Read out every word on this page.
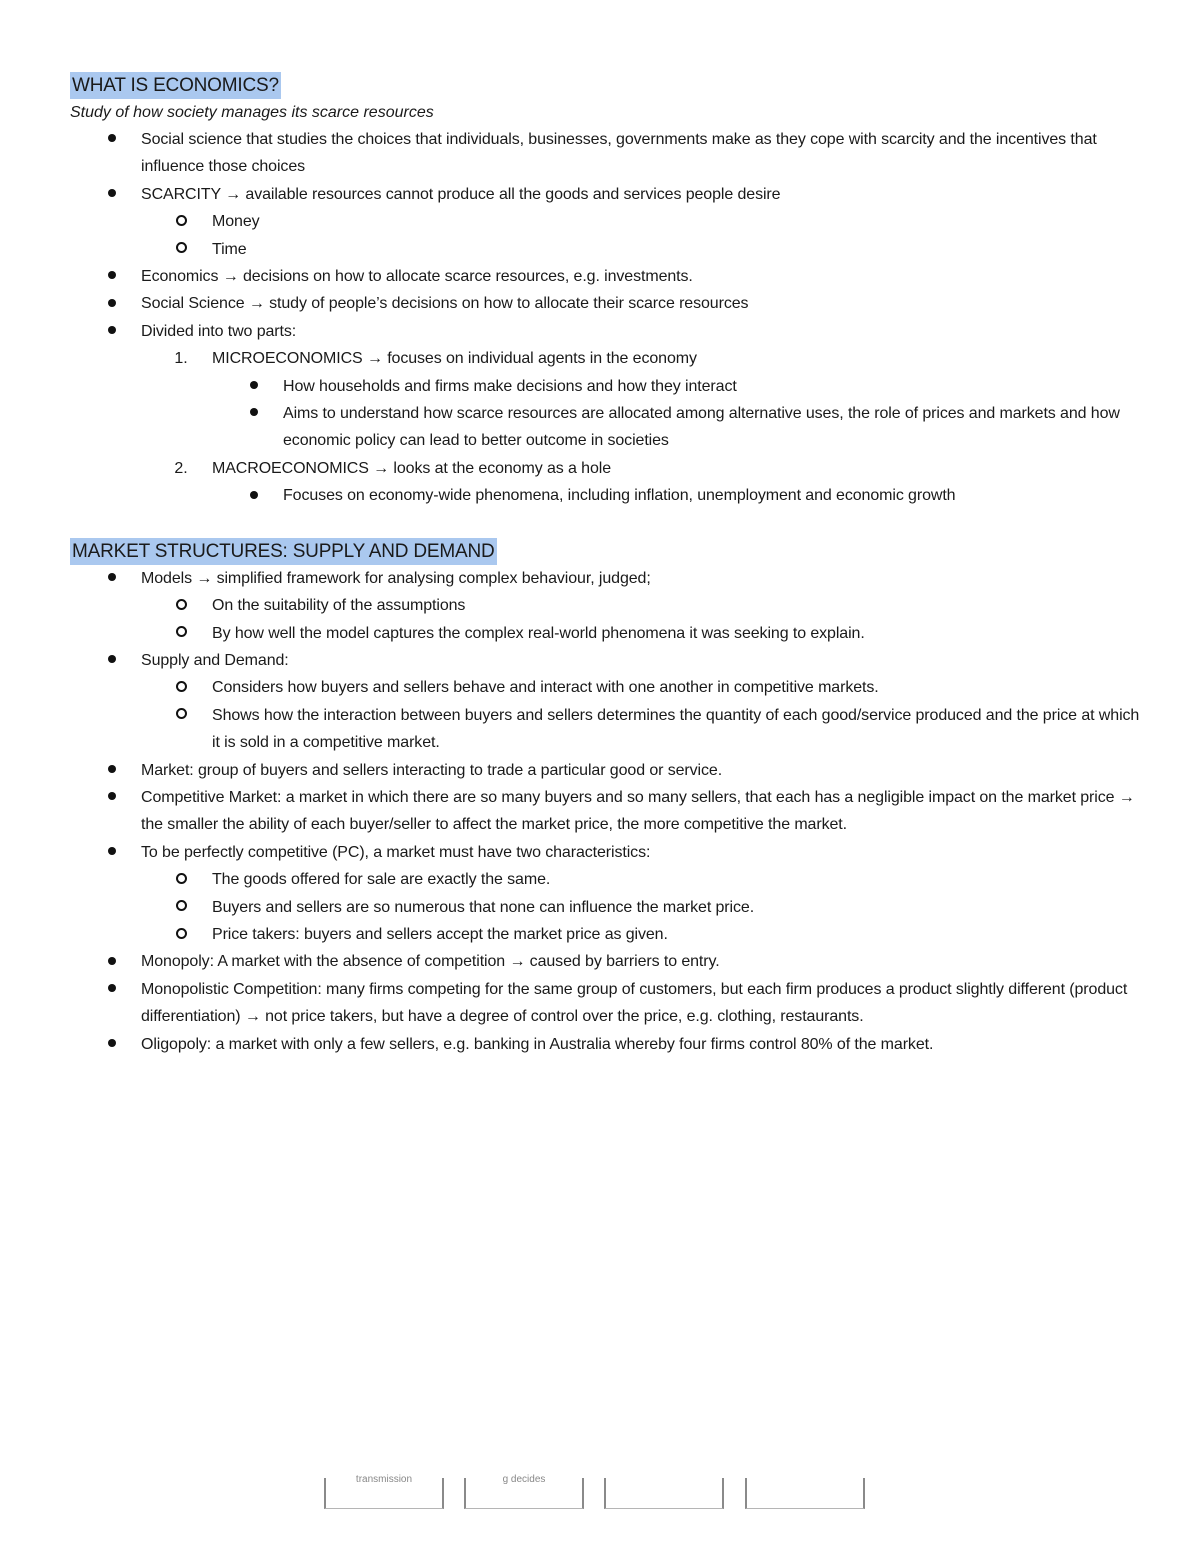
WHAT IS ECONOMICS?

Study of how society manages its scarce resources

Social science that studies the choices that individuals, businesses, governments make as they cope with scarcity and the incentives that influence those choices
SCARCITY → available resources cannot produce all the goods and services people desire
Money
Time
Economics → decisions on how to allocate scarce resources, e.g. investments.
Social Science → study of people’s decisions on how to allocate their scarce resources
Divided into two parts:
1. MICROECONOMICS → focuses on individual agents in the economy
How households and firms make decisions and how they interact
Aims to understand how scarce resources are allocated among alternative uses, the role of prices and markets and how economic policy can lead to better outcome in societies
2. MACROECONOMICS → looks at the economy as a hole
Focuses on economy-wide phenomena, including inflation, unemployment and economic growth
MARKET STRUCTURES: SUPPLY AND DEMAND
Models → simplified framework for analysing complex behaviour, judged;
On the suitability of the assumptions
By how well the model captures the complex real-world phenomena it was seeking to explain.
Supply and Demand:
Considers how buyers and sellers behave and interact with one another in competitive markets.
Shows how the interaction between buyers and sellers determines the quantity of each good/service produced and the price at which it is sold in a competitive market.
Market: group of buyers and sellers interacting to trade a particular good or service.
Competitive Market: a market in which there are so many buyers and so many sellers, that each has a negligible impact on the market price → the smaller the ability of each buyer/seller to affect the market price, the more competitive the market.
To be perfectly competitive (PC), a market must have two characteristics:
The goods offered for sale are exactly the same.
Buyers and sellers are so numerous that none can influence the market price.
Price takers: buyers and sellers accept the market price as given.
Monopoly: A market with the absence of competition → caused by barriers to entry.
Monopolistic Competition: many firms competing for the same group of customers, but each firm produces a product slightly different (product differentiation) → not price takers, but have a degree of control over the price, e.g. clothing, restaurants.
Oligopoly: a market with only a few sellers, e.g. banking in Australia whereby four firms control 80% of the market.
transmission	g decides
